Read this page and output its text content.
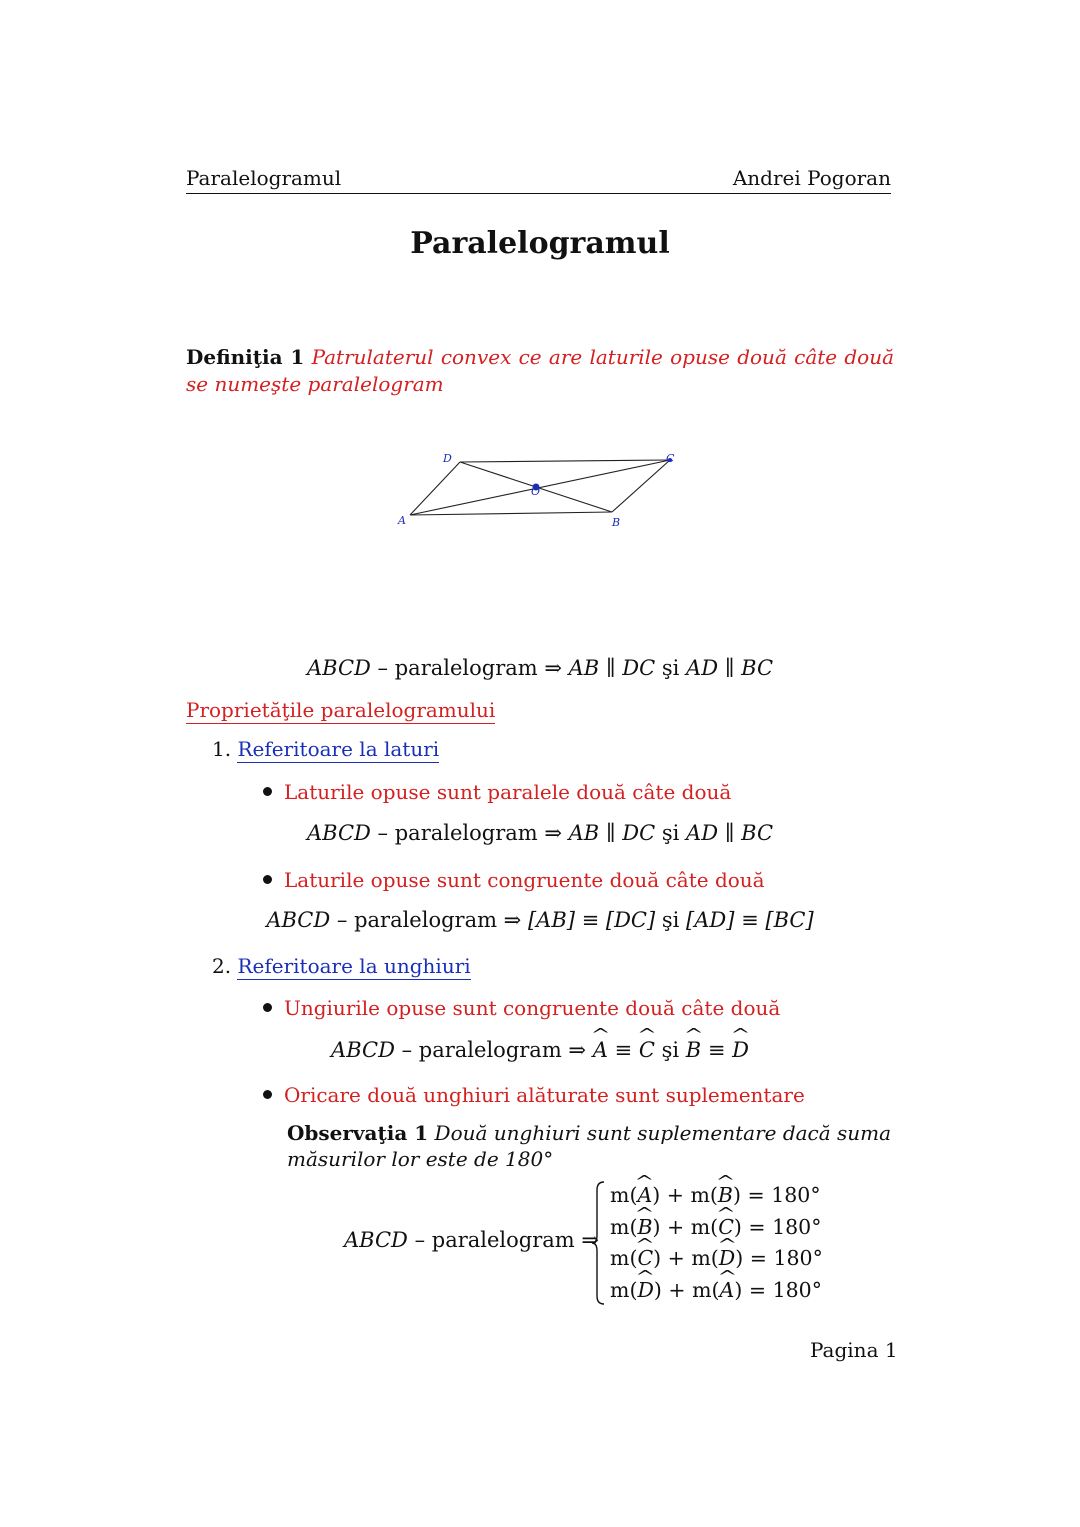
Paralelogramul	Andrei Pogoran
Paralelogramul
Definiţia 1 Patrulaterul convex ce are laturile opuse două câte două se numeşte paralelogram
A	B
C
D
O
ABCD – paralelogram ⇒ AB ∥ DC şi AD ∥ BC
Proprietăţile paralelogramului
1. Referitoare la laturi
Laturile opuse sunt paralele două câte două
ABCD – paralelogram ⇒ AB ∥ DC şi AD ∥ BC
Laturile opuse sunt congruente două câte două
ABCD – paralelogram ⇒ [AB] ≡ [DC] şi [AD] ≡ [BC]
2. Referitoare la unghiuri
Ungiurile opuse sunt congruente două câte două
ABCD – paralelogram ⇒ ^ A ≡ ^ C şi ^ B ≡ ^ D
Oricare două unghiuri alăturate sunt suplementare
Observaţia 1 Două unghiuri sunt suplementare dacă suma măsurilor lor este de 180°
ABCD – paralelogram ⇒
m(^ A) + m(^ B) = 180°
m(^ B) + m(^ C) = 180°
m(^ C) + m(^ D) = 180°
m(^ D) + m(^ A) = 180°
Pagina 1
